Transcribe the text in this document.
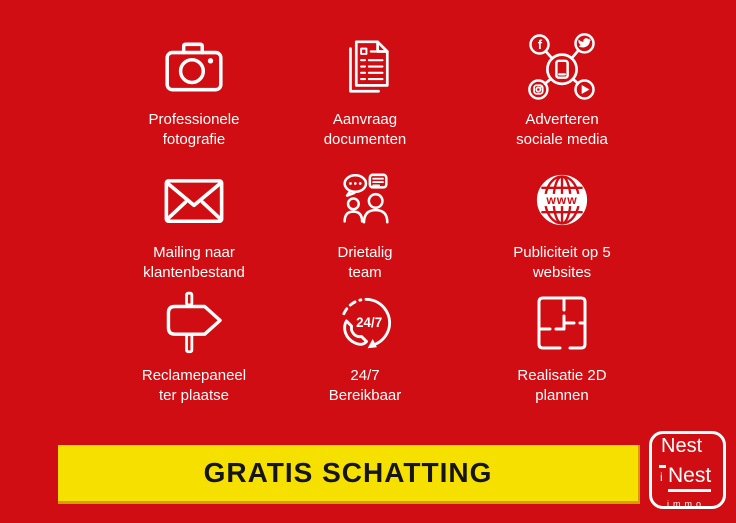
Professionele
fotografie
Aanvraag
documenten
f
Adverteren
sociale media
Mailing naar
klantenbestand
Drietalig
team
www
Publiciteit op 5
websites
Reclamepaneel
ter plaatse
24/7
24/7
Bereikbaar
Realisatie 2D
plannen
GRATIS SCHATTING
Nest
i Nest
immo
